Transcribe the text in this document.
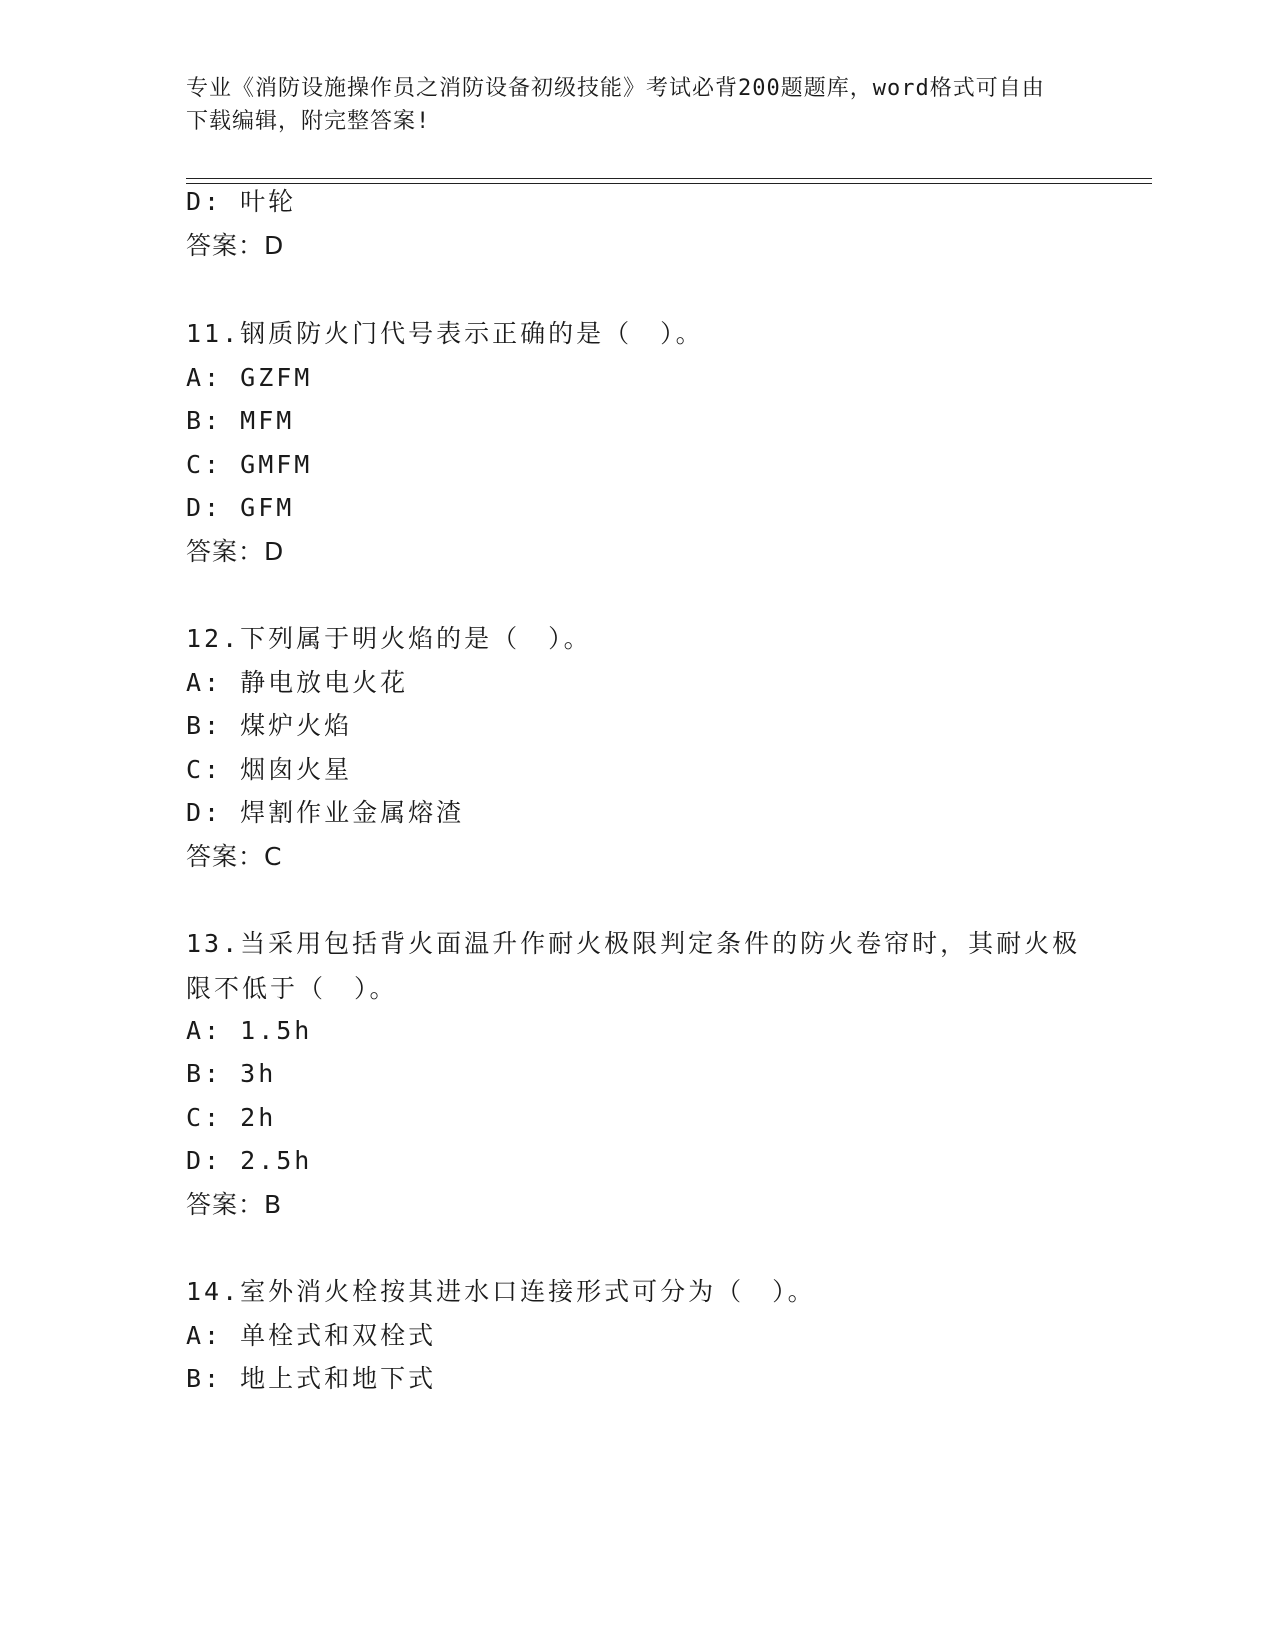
专业《消防设施操作员之消防设备初级技能》考试必背200题题库，word格式可自由下载编辑，附完整答案!
D: 叶轮
答案：D
11.钢质防火门代号表示正确的是（　）。
A: GZFM
B: MFM
C: GMFM
D: GFM
答案：D
12.下列属于明火焰的是（　）。
A: 静电放电火花
B: 煤炉火焰
C: 烟囱火星
D: 焊割作业金属熔渣
答案：C
13.当采用包括背火面温升作耐火极限判定条件的防火卷帘时，其耐火极限不低于（　）。
A: 1.5h
B: 3h
C: 2h
D: 2.5h
答案：B
14.室外消火栓按其进水口连接形式可分为（　）。
A: 单栓式和双栓式
B: 地上式和地下式
